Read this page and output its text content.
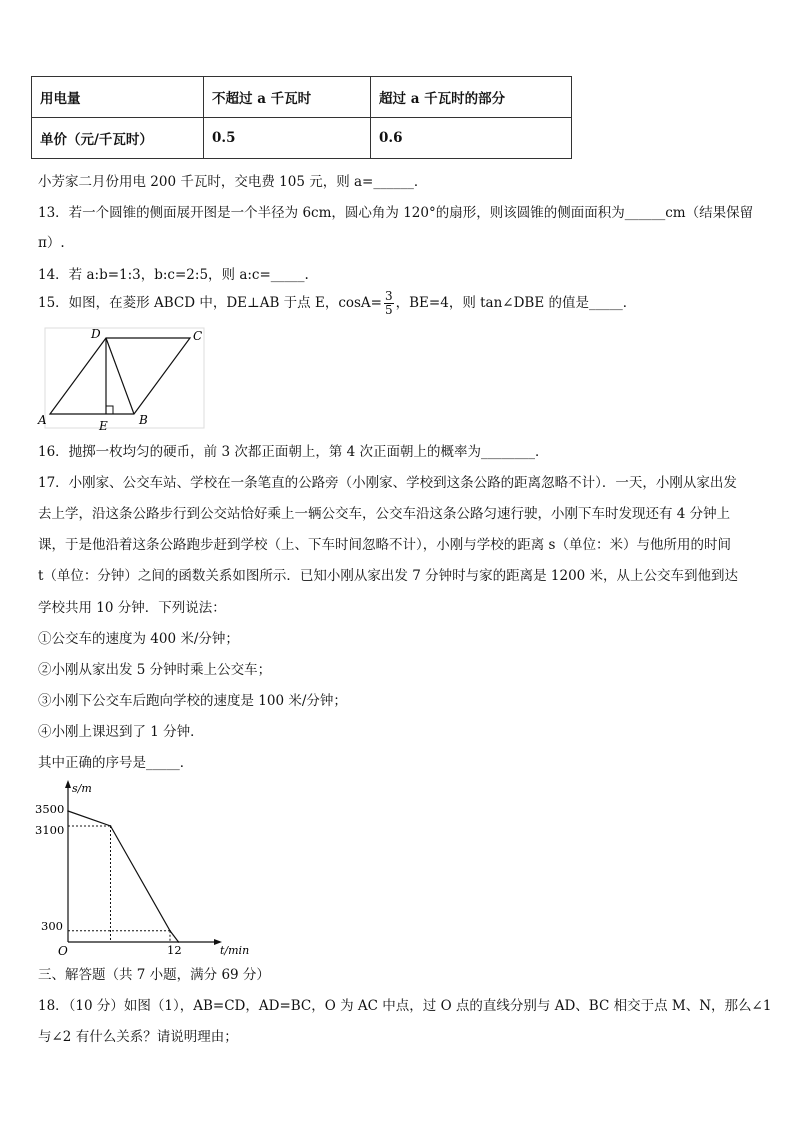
用电量	不超过 a 千瓦时	超过 a 千瓦时的部分
单价（元/千瓦时）	0.5	0.6
小芳家二月份用电 200 千瓦时，交电费 105 元，则 a=______．
13．若一个圆锥的侧面展开图是一个半径为 6cm，圆心角为 120°的扇形，则该圆锥的侧面面积为______cm（结果保留
π）.
14．若 a:b=1:3，b:c=2:5，则 a:c=_____.
15．如图，在菱形 ABCD 中，DE⊥AB 于点 E，$\cos A= \frac{3}{5}$ ，BE=4，则 tan∠DBE 的值是_____．
A	B
C
D
E
16．抛掷一枚均匀的硬币，前 3 次都正面朝上，第 4 次正面朝上的概率为________．
17．小刚家、公交车站、学校在一条笔直的公路旁（小刚家、学校到这条公路的距离忽略不计）．一天，小刚从家出发
去上学，沿这条公路步行到公交站恰好乘上一辆公交车，公交车沿这条公路匀速行驶，小刚下车时发现还有 4 分钟上
课，于是他沿着这条公路跑步赶到学校（上、下车时间忽略不计），小刚与学校的距离 s（单位：米）与他所用的时间
t（单位：分钟）之间的函数关系如图所示．已知小刚从家出发 7 分钟时与家的距离是 1200 米，从上公交车到他到达
学校共用 10 分钟．下列说法：
①公交车的速度为 400 米/分钟；
②小刚从家出发 5 分钟时乘上公交车；
③小刚下公交车后跑向学校的速度是 100 米/分钟；
④小刚上课迟到了 1 分钟．
其中正确的序号是_____．
s/m
t/min
O
3500
3100
300
12
三、解答题（共 7 小题，满分 69 分）
18．（10 分）如图（1），AB=CD，AD=BC，O 为 AC 中点，过 O 点的直线分别与 AD、BC 相交于点 M、N，那么∠1
与∠2 有什么关系？请说明理由；
